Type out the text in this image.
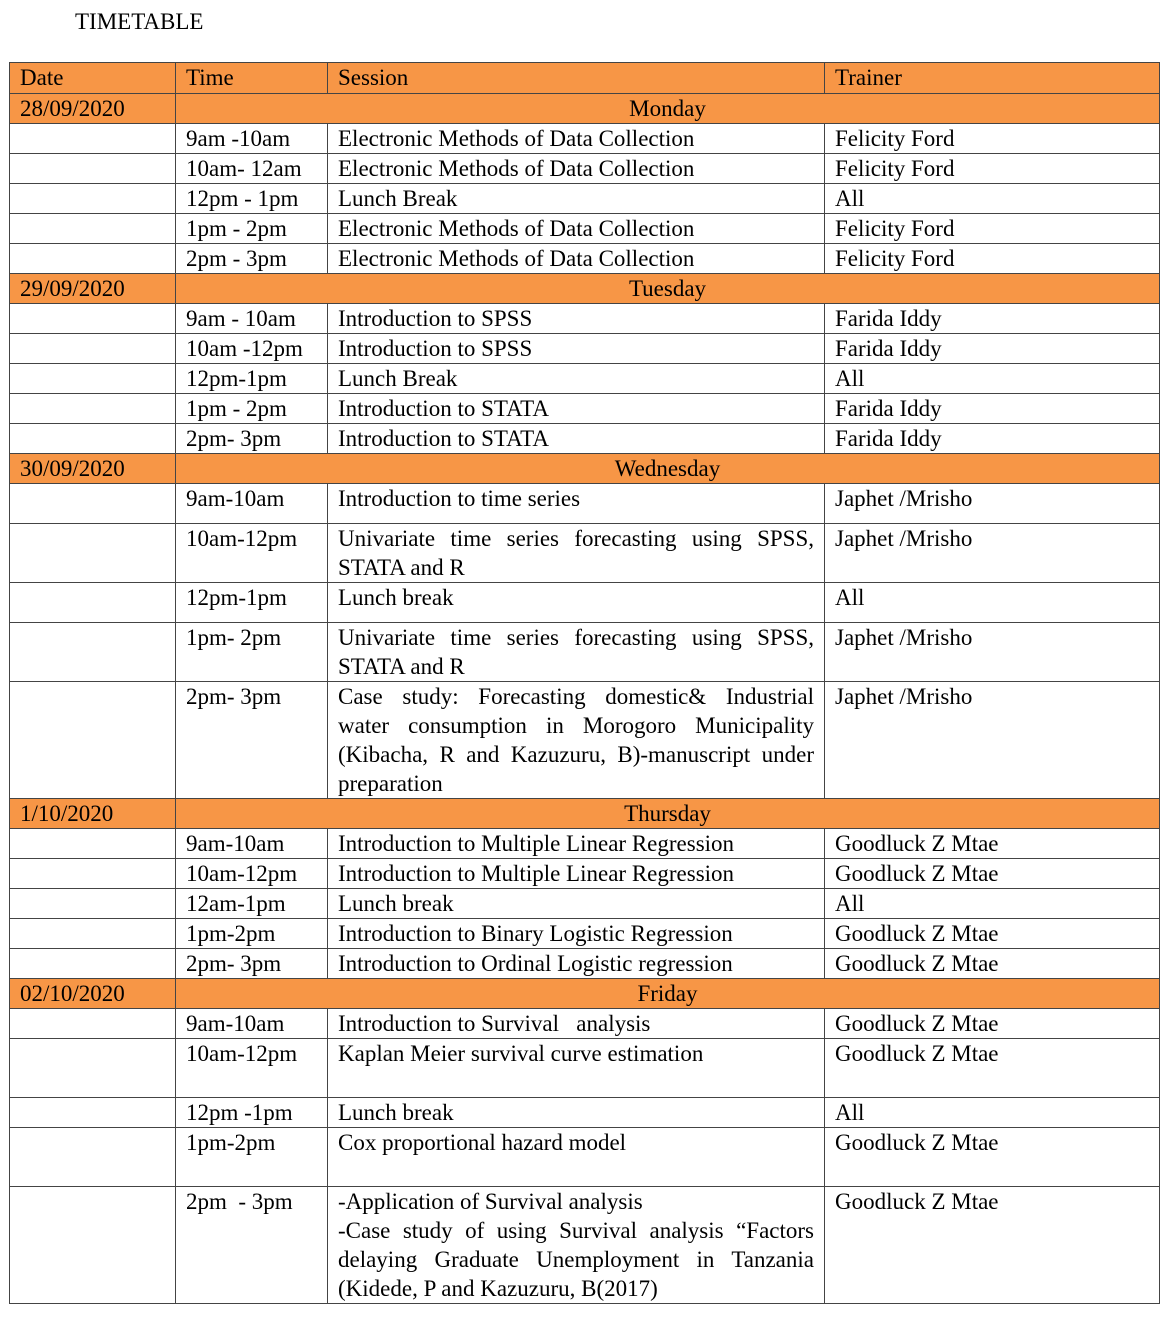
TIMETABLE
Date	Time	Session	Trainer
28/09/2020	Monday		
	9am -10am	Electronic Methods of Data Collection	Felicity Ford
	10am- 12am	Electronic Methods of Data Collection	Felicity Ford
	12pm - 1pm	Lunch Break	All
	1pm - 2pm	Electronic Methods of Data Collection	Felicity Ford
	2pm - 3pm	Electronic Methods of Data Collection	Felicity Ford
29/09/2020	Tuesday		
	9am - 10am	Introduction to SPSS	Farida Iddy
	10am -12pm	Introduction to SPSS	Farida Iddy
	12pm-1pm	Lunch Break	All
	1pm - 2pm	Introduction to STATA	Farida Iddy
	2pm- 3pm	Introduction to STATA	Farida Iddy
30/09/2020	Wednesday		
	9am-10am	Introduction to time series	Japhet /Mrisho
	10am-12pm	Univariate time series forecasting using SPSS, STATA and R	Japhet /Mrisho
	12pm-1pm	Lunch break	All
	1pm- 2pm	Univariate time series forecasting using SPSS, STATA and R	Japhet /Mrisho
	2pm- 3pm	Case study: Forecasting domestic& Industrial water consumption in Morogoro Municipality (Kibacha, R and Kazuzuru, B)-manuscript under preparation	Japhet /Mrisho
1/10/2020	Thursday		
	9am-10am	Introduction to Multiple Linear Regression	Goodluck Z Mtae
	10am-12pm	Introduction to Multiple Linear Regression	Goodluck Z Mtae
	12am-1pm	Lunch break	All
	1pm-2pm	Introduction to Binary Logistic Regression	Goodluck Z Mtae
	2pm- 3pm	Introduction to Ordinal Logistic regression	Goodluck Z Mtae
02/10/2020	Friday		
	9am-10am	Introduction to Survival   analysis	Goodluck Z Mtae
	10am-12pm	Kaplan Meier survival curve estimation	Goodluck Z Mtae
	12pm -1pm	Lunch break	All
	1pm-2pm	Cox proportional hazard model	Goodluck Z Mtae
	2pm  - 3pm	-Application of Survival analysis
-Case study of using Survival analysis “Factors delaying Graduate Unemployment in Tanzania (Kidede, P and Kazuzuru, B(2017)	Goodluck Z Mtae
